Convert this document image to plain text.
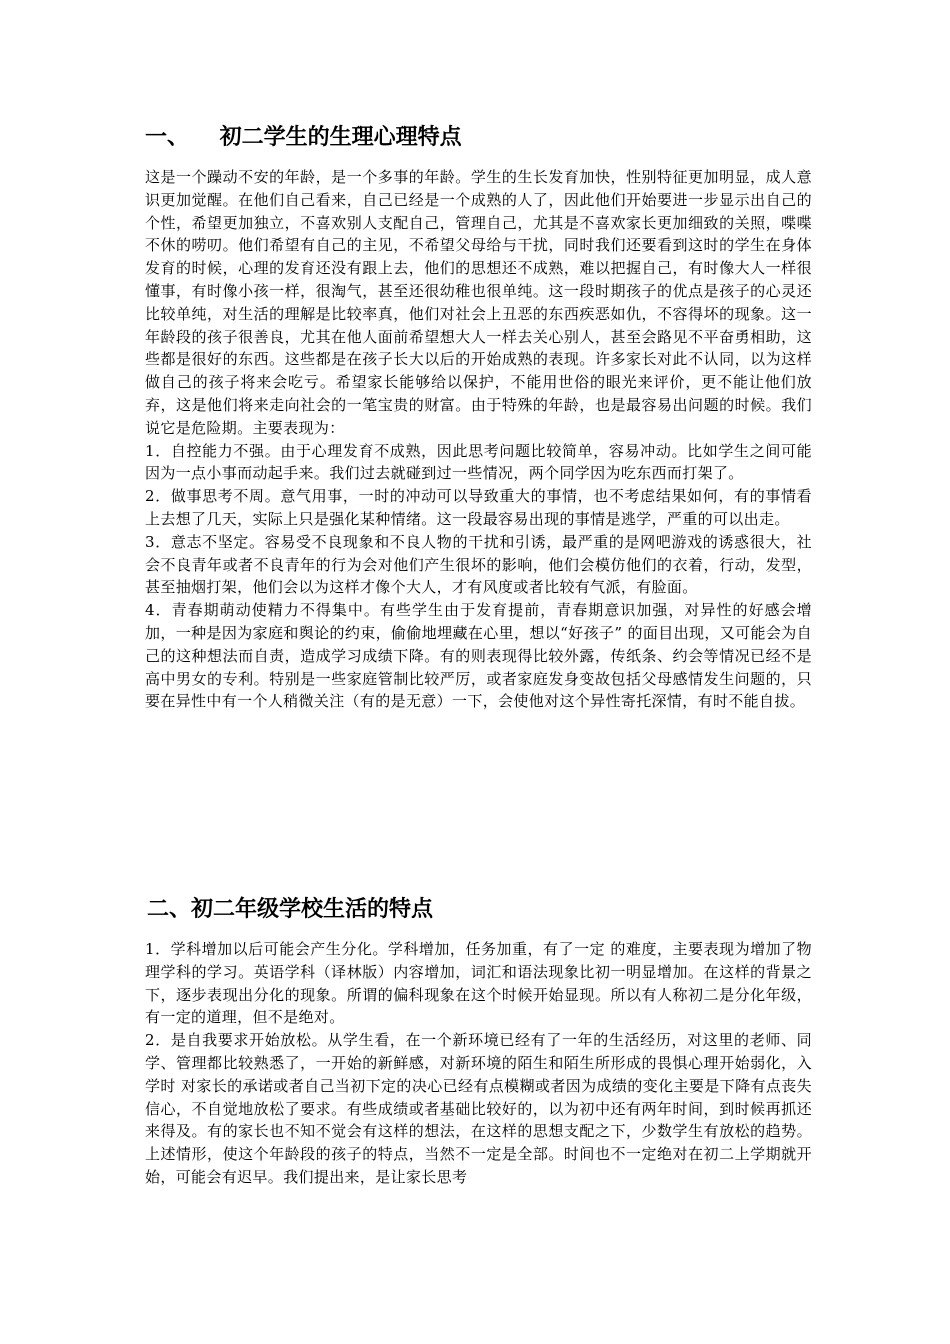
一、    初二学生的生理心理特点

这是一个躁动不安的年龄，是一个多事的年龄。学生的生长发育加快，性别特征更加明显，成人意识更加觉醒。在他们自己看来，自己已经是一个成熟的人了，因此他们开始要进一步显示出自己的个性，希望更加独立，不喜欢别人支配自己，管理自己，尤其是不喜欢家长更加细致的关照，喋喋不休的唠叨。他们希望有自己的主见，不希望父母给与干扰，同时我们还要看到这时的学生在身体发育的时候，心理的发育还没有跟上去，他们的思想还不成熟，难以把握自己，有时像大人一样很懂事，有时像小孩一样，很淘气，甚至还很幼稚也很单纯。这一段时期孩子的优点是孩子的心灵还比较单纯，对生活的理解是比较率真，他们对社会上丑恶的东西疾恶如仇，不容得坏的现象。这一年龄段的孩子很善良，尤其在他人面前希望想大人一样去关心别人，甚至会路见不平奋勇相助，这些都是很好的东西。这些都是在孩子长大以后的开始成熟的表现。许多家长对此不认同，以为这样做自己的孩子将来会吃亏。希望家长能够给以保护，不能用世俗的眼光来评价，更不能让他们放弃，这是他们将来走向社会的一笔宝贵的财富。由于特殊的年龄，也是最容易出问题的时候。我们说它是危险期。主要表现为：

1．自控能力不强。由于心理发育不成熟，因此思考问题比较简单，容易冲动。比如学生之间可能因为一点小事而动起手来。我们过去就碰到过一些情况，两个同学因为吃东西而打架了。

2．做事思考不周。意气用事，一时的冲动可以导致重大的事情，也不考虑结果如何，有的事情看上去想了几天，实际上只是强化某种情绪。这一段最容易出现的事情是逃学，严重的可以出走。

3．意志不坚定。容易受不良现象和不良人物的干扰和引诱，最严重的是网吧游戏的诱惑很大，社会不良青年或者不良青年的行为会对他们产生很坏的影响，他们会模仿他们的衣着，行动，发型，甚至抽烟打架，他们会以为这样才像个大人，才有风度或者比较有气派，有脸面。

4．青春期萌动使精力不得集中。有些学生由于发育提前，青春期意识加强，对异性的好感会增加，一种是因为家庭和舆论的约束，偷偷地埋藏在心里，想以“好孩子” 的面目出现，又可能会为自己的这种想法而自责，造成学习成绩下降。有的则表现得比较外露，传纸条、约会等情况已经不是高中男女的专利。特别是一些家庭管制比较严厉，或者家庭发身变故包括父母感情发生问题的，只要在异性中有一个人稍微关注（有的是无意）一下，会使他对这个异性寄托深情，有时不能自拔。

二、初二年级学校生活的特点

1．学科增加以后可能会产生分化。学科增加，任务加重，有了一定 的难度，主要表现为增加了物理学科的学习。英语学科（译林版）内容增加，词汇和语法现象比初一明显增加。在这样的背景之下，逐步表现出分化的现象。所谓的偏科现象在这个时候开始显现。所以有人称初二是分化年级，有一定的道理，但不是绝对。

2．是自我要求开始放松。从学生看，在一个新环境已经有了一年的生活经历，对这里的老师、同学、管理都比较熟悉了，一开始的新鲜感，对新环境的陌生和陌生所形成的畏惧心理开始弱化，入学时 对家长的承诺或者自己当初下定的决心已经有点模糊或者因为成绩的变化主要是下降有点丧失信心，不自觉地放松了要求。有些成绩或者基础比较好的，以为初中还有两年时间，到时候再抓还来得及。有的家长也不知不觉会有这样的想法，在这样的思想支配之下，少数学生有放松的趋势。上述情形，使这个年龄段的孩子的特点，当然不一定是全部。时间也不一定绝对在初二上学期就开始，可能会有迟早。我们提出来，是让家长思考
